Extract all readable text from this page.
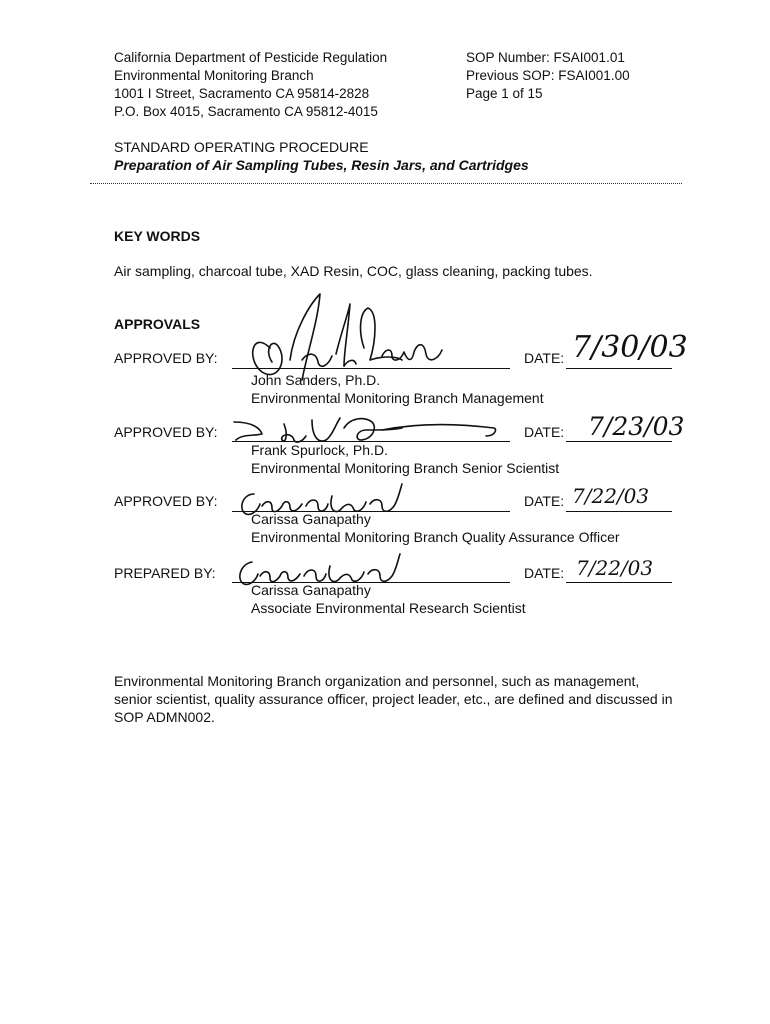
California Department of Pesticide Regulation
Environmental Monitoring Branch
1001 I Street, Sacramento CA 95814-2828
P.O. Box 4015, Sacramento CA 95812-4015
SOP Number: FSAI001.01
Previous SOP: FSAI001.00
Page 1 of 15
STANDARD OPERATING PROCEDURE
Preparation of Air Sampling Tubes, Resin Jars, and Cartridges
KEY WORDS
Air sampling, charcoal tube, XAD Resin, COC, glass cleaning, packing tubes.
APPROVALS
APPROVED BY:	DATE: 7/30/03
John Sanders, Ph.D.
Environmental Monitoring Branch Management
APPROVED BY:	DATE: 7/23/03
Frank Spurlock, Ph.D.
Environmental Monitoring Branch Senior Scientist
APPROVED BY:	DATE: 7/22/03
Carissa Ganapathy
Environmental Monitoring Branch Quality Assurance Officer
PREPARED BY:	DATE: 7/22/03
Carissa Ganapathy
Associate Environmental Research Scientist
Environmental Monitoring Branch organization and personnel, such as management, senior scientist, quality assurance officer, project leader, etc., are defined and discussed in SOP ADMN002.
